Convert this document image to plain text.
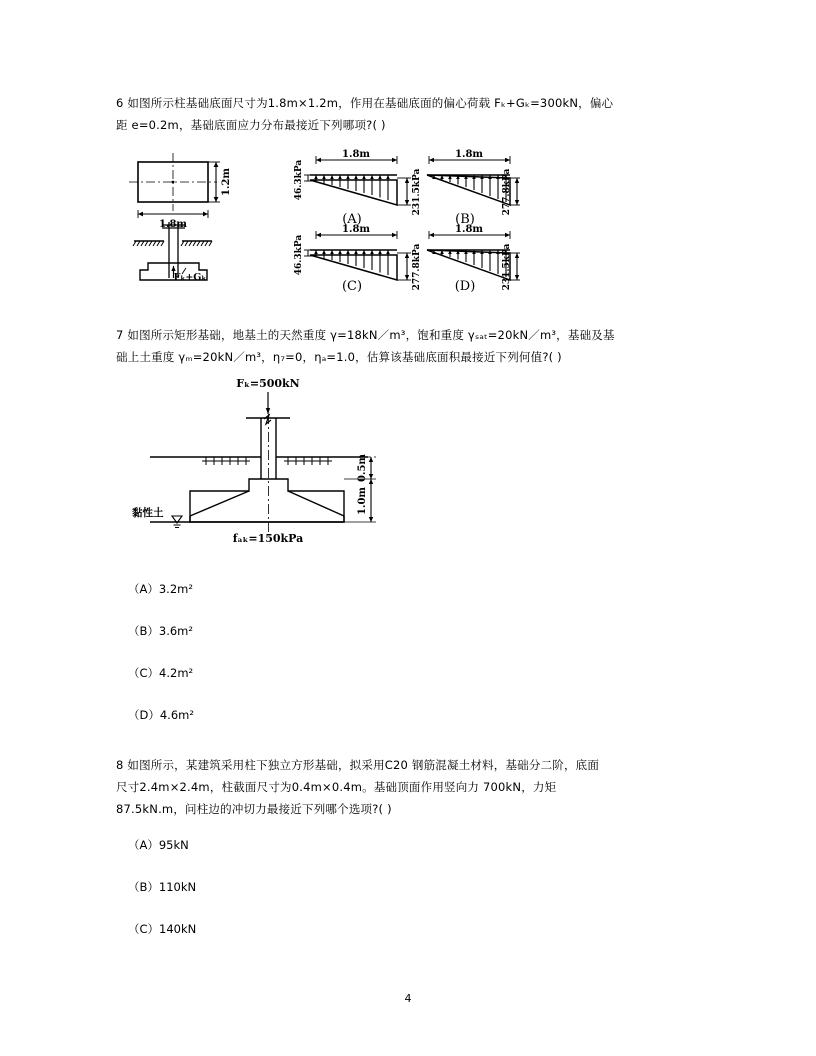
6 如图所示柱基础底面尺寸为1.8m×1.2m，作用在基础底面的偏心荷载 Fₖ+Gₖ=300kN，偏心
距 e=0.2m，基础底面应力分布最接近下列哪项?( )
1.8m
1.2m
Fₖ+Gₖ
1.8m
46.3kPa	231.5kPa
(A)
1.8m
277.8kPa
(B)
1.8m
46.3kPa	277.8kPa
(C)
1.8m
231.5kPa
(D)
7 如图所示矩形基础，地基土的天然重度 γ=18kN／m³，饱和重度 γₛₐₜ=20kN／m³，基础及基
础上土重度 γₘ=20kN／m³，η₇=0，ηₐ=1.0，估算该基础底面积最接近下列何值?( )
Fₖ=500kN
0.5m
1.0m
黏性土
fₐₖ=150kPa
（A）3.2m²
（B）3.6m²
（C）4.2m²
（D）4.6m²
8 如图所示，某建筑采用柱下独立方形基础，拟采用C20 钢筋混凝土材料，基础分二阶，底面
尺寸2.4m×2.4m，柱截面尺寸为0.4m×0.4m。基础顶面作用竖向力 700kN，力矩
87.5kN.m，问柱边的冲切力最接近下列哪个选项?( )
（A）95kN
（B）110kN
（C）140kN
4
